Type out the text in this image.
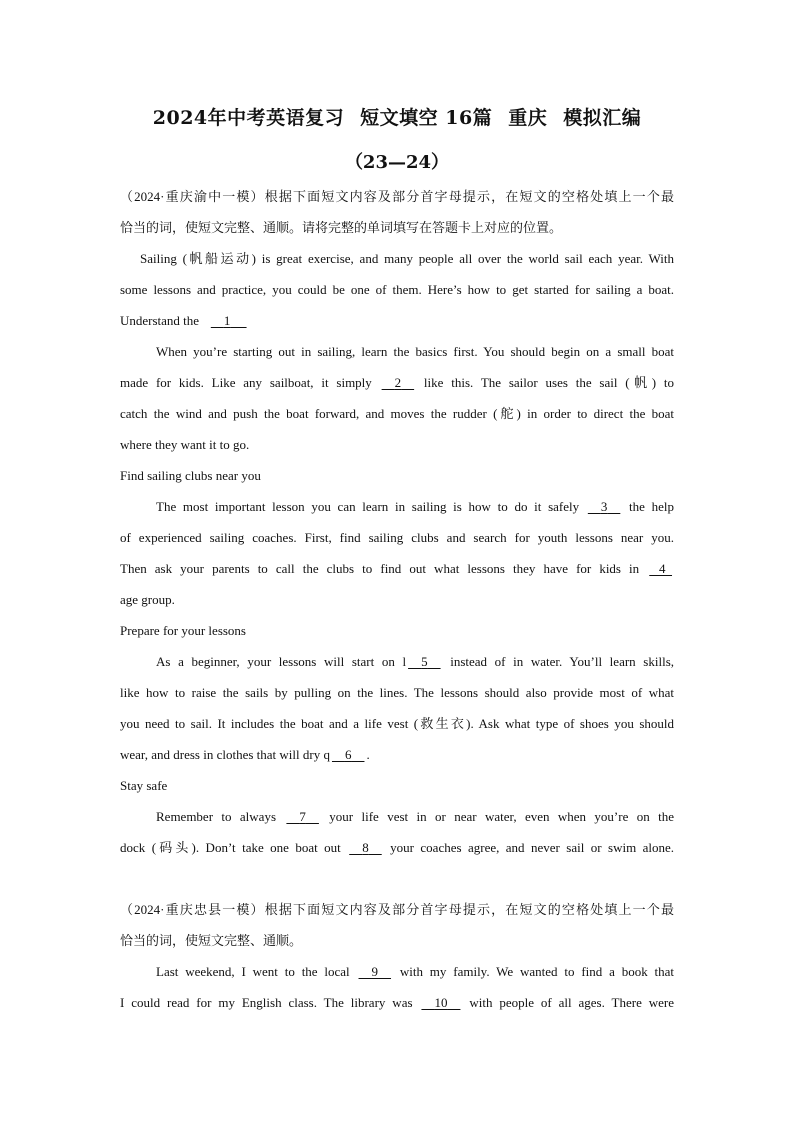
2024年中考英语复习 短文填空 16篇 重庆 模拟汇编
（23—24）
（2024·重庆渝中一模）根据下面短文内容及部分首字母提示，在短文的空格处填上一个最
恰当的词，使短文完整、通顺。请将完整的单词填写在答题卡上对应的位置。
Sailing (帆船运动) is great exercise, and many people all over the world sail each year. With
some lessons and practice, you could be one of them. Here’s how to get started for sailing a boat.
Understand the 1
When you’re starting out in sailing, learn the basics first. You should begin on a small boat
made for kids. Like any sailboat, it simply 2 like this. The sailor uses the sail (帆) to
catch the wind and push the boat forward, and moves the rudder (舵) in order to direct the boat
where they want it to go.
Find sailing clubs near you
The most important lesson you can learn in sailing is how to do it safely 3 the help
of experienced sailing coaches. First, find sailing clubs and search for youth lessons near you.
Then ask your parents to call the clubs to find out what lessons they have for kids in 4
age group.
Prepare for your lessons
As a beginner, your lessons will start on l 5 instead of in water. You’ll learn skills,
like how to raise the sails by pulling on the lines. The lessons should also provide most of what
you need to sail. It includes the boat and a life vest (救生衣). Ask what type of shoes you should
wear, and dress in clothes that will dry q 6 .
Stay safe
Remember to always 7 your life vest in or near water, even when you’re on the
dock (码头). Don’t take one boat out 8 your coaches agree, and never sail or swim alone.
（2024·重庆忠县一模）根据下面短文内容及部分首字母提示，在短文的空格处填上一个最
恰当的词，使短文完整、通顺。
Last weekend, I went to the local 9 with my family. We wanted to find a book that
I could read for my English class. The library was 10 with people of all ages. There were
